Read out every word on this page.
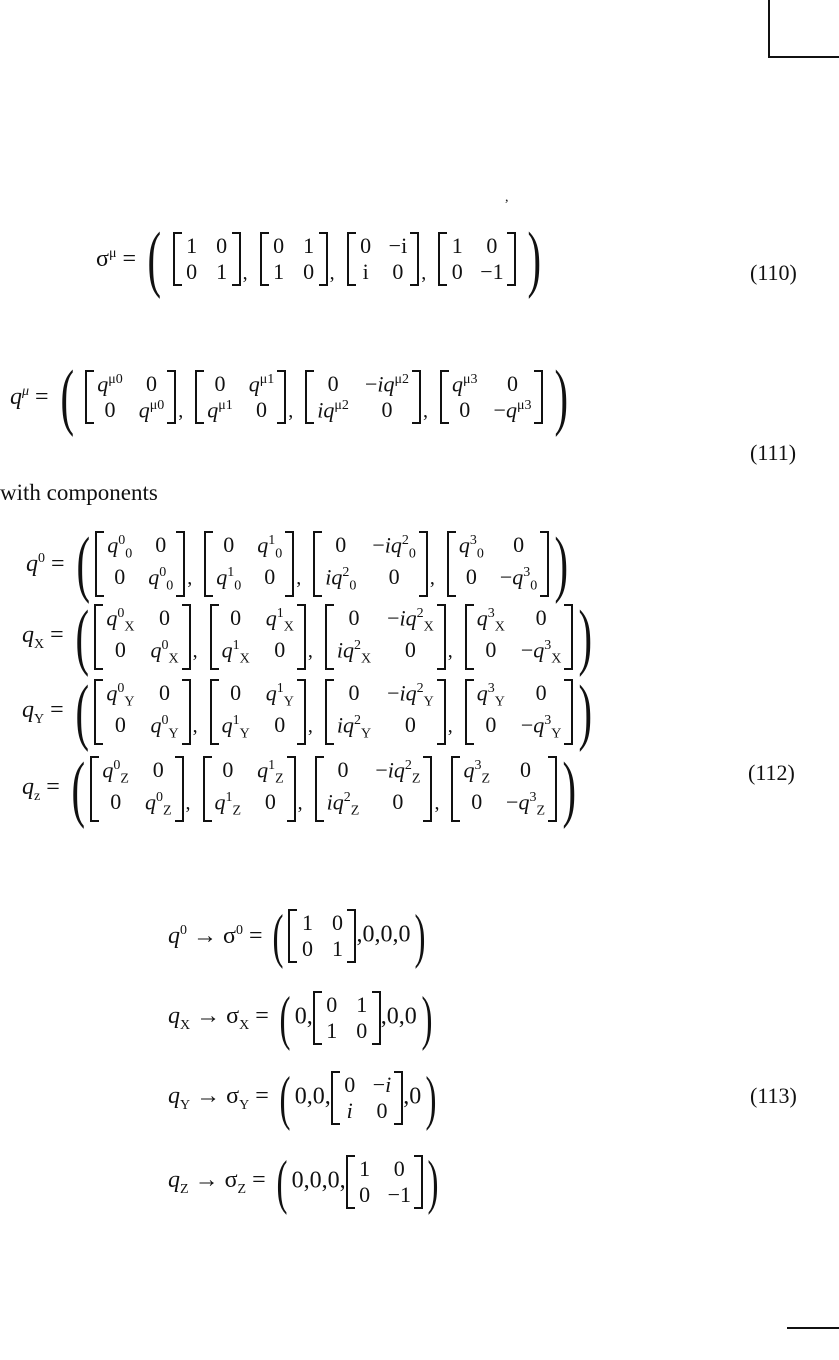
,
$\sigma^\mu$ = ( 1 0
0 1 $_,$
0 1
1 0 $_,$
0 −i
i 0 $_,$
1 0
0 −1 )	(110)
$q^\mu$ = ( $q^{\mu 0}$	0
0	$q^{\mu 0}$ $_,$
0	$q^{\mu 1}$
$q^{\mu 1}$	0	$_,$
0	$-iq^{\mu 2}$
$iq^{\mu 2}$	0	$_,$
$q^{\mu 3}$	0
0	$-q^{\mu 3}$ )
(111)
with components
$q^0$ = ( $q^0_0$	0
0	$q^0_0$ $_,$
0	$q^1_0$
$q^1_0$	0	$_,$
0	$-iq^2_0$
$iq^2_0$	0	$_,$
$q^3_0$	0
0	$-q^3_0$ )
$q_X$ = ( $q^0_X$	0
0	$q^0_X$ $_,$
0	$q^1_X$
$q^1_X$	0	$_,$
0	$-iq^2_X$
$iq^2_X$	0	$_,$
$q^3_X$	0
0	$-q^3_X$ )
$q_Y$ = ( $q^0_Y$	0
0	$q^0_Y$ $_,$
0	$q^1_Y$
$q^1_Y$	0	$_,$
0	$-iq^2_Y$
$iq^2_Y$	0	$_,$
$q^3_Y$	0
0	$-q^3_Y$ )
$q_z$ = ( $q^0_Z$	0
0	$q^0_Z$ $_,$
0	$q^1_Z$
$q^1_Z$	0	$_,$
0	$-iq^2_Z$
$iq^2_Z$	0	$_,$
$q^3_Z$	0
0	$-q^3_Z$ )	(112)
$q^0 \to \sigma^0$ = ( 1 0
0 1
,0,0,0)
$q_X \to \sigma_X$ = ( 0, 0 1
1 0
,0,0)
$q_Y \to \sigma_Y$ = ( 0,0, 0 −i
i 0
,0)
$q_Z \to \sigma_Z$ = ( 0,0,0, 1 0
0 −1 )
(113)
